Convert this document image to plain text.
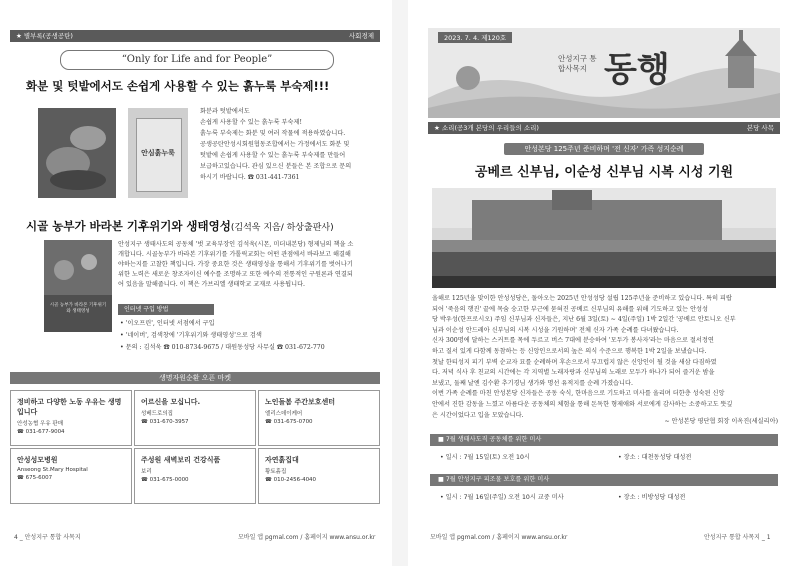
★ 별부록(공생공탄)	사회경제
“Only for Life and for People”
화분 및 텃밭에서도 손쉽게 사용할 수 있는 흙누룩 부숙제!!!
안심흙누룩
화분과 텃밭에서도
손쉽게 사용할 수 있는 흙누룩 부숙제!
흙누룩 부숙제는 화분 및 여러 작물에 적용하였습니다.
공생공탄안성시회원협동조합에서는 가정에서도 화분 및
텃밭에 손쉽게 사용할 수 있는 흙누룩 부숙제를 만들어
보급하고있습니다. 관심 있으신 분들은 본 조합으로 문의
하시기 바랍니다. ☎ 031-441-7361
시골 농부가 바라본 기후위기와 생태영성(김석욱 지음/ 하상출판사)
시골 농부가 바라본 기후위기와 생태영성
안성지구 생태사도의 공동체 '벗 교육부장인 김석욱(시몬, 미더내본당) 형제님의 책을 소
개합니다. 시골농부가 바라본 기후위기를 가톨릭교회는 어떤 관점에서 바라보고 해결해
야하는지를 고찰한 책입니다. 가장 중요한 것은 생태영성을 통해서 기후위기를 벗어나기
위한 노력은 새로운 창조자이신 예수를 조명하고 또한 예수의 전통적인 구원론과 연결되
어 있음을 말해줍니다. 이 책은 가브리엘 생태학교 교재로 사용됩니다.
인터넷 구입 방법
• '이오프린', 인터넷 서점에서 구입
• '네이버', 검색창에 '기후위기와 생태영성'으로 검색
• 문의 : 김석욱 ☎ 010-8734-9675 / 대원동성당 사무실 ☎ 031-672-770
생명자원순환 오픈 마켓
정비하고 다양한 노동 우유는 생명입니다
안성농협 우유 판매
☎ 031-677-9004
어르신을 모십니다.
성베드로의집
☎ 031-670-3957
노인돌봄 주간보호센터
엘리스데이케어
☎ 031-675-0700
안성성모병원
Anseong St.Mary Hospital
☎ 675-6007
주성원 새벽보리 건강식품
보리
☎ 031-675-0000
자연흙집대
황토흙집
☎ 010-2456-4040
4 _ 안성지구 통합 사목지	모바일 앱 pgmal.com / 홈페이지 www.ansu.or.kr
2023. 7. 4. 제120호
안성지구 통합사목지 동행
★ 소리(공3개 본당의 우리들의 소리)	본당 사목
안성본당 125주년 준비하며 '전 신자' 가족 성지순례
공베르 신부님, 이순성 신부님 시복 시성 기원
올해로 125년을 맞이한 안성성당은, 돌아오는 2025년 안성성당 설립 125주년을 준비하고 있습니다. 특히 피랍
되어 '죽음의 행진' 끝에 목숨 숭고한 부근에 묻혀진 공베르 신부님의 유해를 위해 기도하고 있는 안성성
당 박우성(한프로시오) 주임 신부님과 신자들은, 지난 6월 3일(토) ~ 4일(주일) 1박 2일간 '공베르 안토니오 신부
님과 이순성 안드레아 신부님의 시복 시성을 기원하며' 전체 신자 가족 순례를 다녀왔습니다.
신자 300명에 달하는 스커트를 목에 두르고 버스 7대에 분승하여 '모두가 봉사자'라는 마음으로 절서정연
하고 질서 있게 다함께 동참하는 등 신앙인으로서의 높은 의식 수준으로 행복한 1박 2일을 보냈습니다.
첫날 한티성지 피기 부벽 순교자 묘를 순례하며 후손으로서 부끄럽지 않은 신앙인이 될 것을 새삼 다짐하였
다. 저녁 식사 후 친교의 시간에는 각 지역별 노래자랑과 신부님의 노래로 모두가 하나가 되어 즐거운 밤을
보냈고, 둘째 날엔 김수환 추기경님 생가와 명선 유적지를 순례 가졌습니다.
이번 가족 순례를 마친 안성본당 신자들은 공동 숙식, 한마음으로 기도하고 미사를 올리며 더한층 성숙된 신앙
안에서 진한 감동을 느꼈고 아름다운 공동체의 체험을 통해 돈독한 형제애와 서로에게 감사하는 소중하고도 뜻깊
은 시간이었다고 입을 모았습니다.
~ 안성본당 평단협 회장 이옥진(세실리아)
■ 7월 생태사도직 공동체를 위한 미사
• 일시 : 7월 15일(토) 오전 10시	• 장소 : 대천동성당 대성전
■ 7월 안성지구 피조물 보호를 위한 미사
• 일시 : 7월 16일(주일) 오전 10시 교중 미사	• 장소 : 비방성당 대성전
모바일 앱 pgmal.com / 홈페이지 www.ansu.or.kr	안성지구 통합 사목지 _ 1
